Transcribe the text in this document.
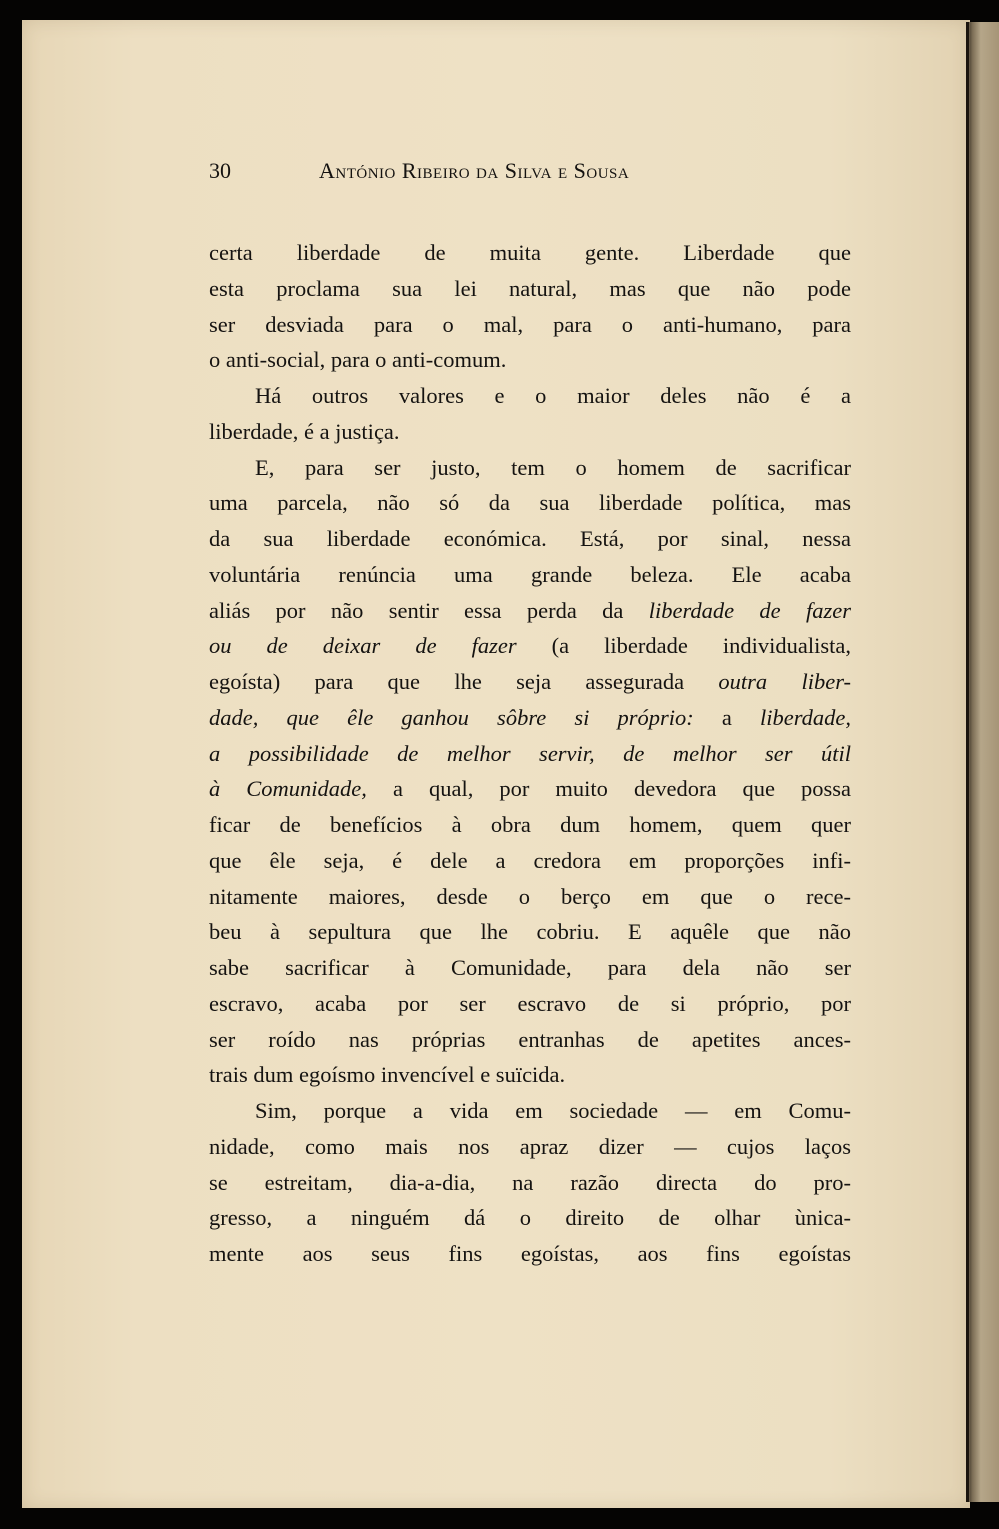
30	António Ribeiro da Silva e Sousa
certa liberdade de muita gente. Liberdade que
esta proclama sua lei natural, mas que não pode
ser desviada para o mal, para o anti-humano, para
o anti-social, para o anti-comum.
Há outros valores e o maior deles não é a
liberdade, é a justiça.
E, para ser justo, tem o homem de sacrificar
uma parcela, não só da sua liberdade política, mas
da sua liberdade económica. Está, por sinal, nessa
voluntária renúncia uma grande beleza. Ele acaba
aliás por não sentir essa perda da liberdade de fazer
ou de deixar de fazer (a liberdade individualista,
egoísta) para que lhe seja assegurada outra liber-
dade, que êle ganhou sôbre si próprio: a liberdade,
a possibilidade de melhor servir, de melhor ser útil
à Comunidade, a qual, por muito devedora que possa
ficar de benefícios à obra dum homem, quem quer
que êle seja, é dele a credora em proporções infi-
nitamente maiores, desde o berço em que o rece-
beu à sepultura que lhe cobriu. E aquêle que não
sabe sacrificar à Comunidade, para dela não ser
escravo, acaba por ser escravo de si próprio, por
ser roído nas próprias entranhas de apetites ances-
trais dum egoísmo invencível e suïcida.
Sim, porque a vida em sociedade — em Comu-
nidade, como mais nos apraz dizer — cujos laços
se estreitam, dia-a-dia, na razão directa do pro-
gresso, a ninguém dá o direito de olhar ùnica-
mente aos seus fins egoístas, aos fins egoístas
